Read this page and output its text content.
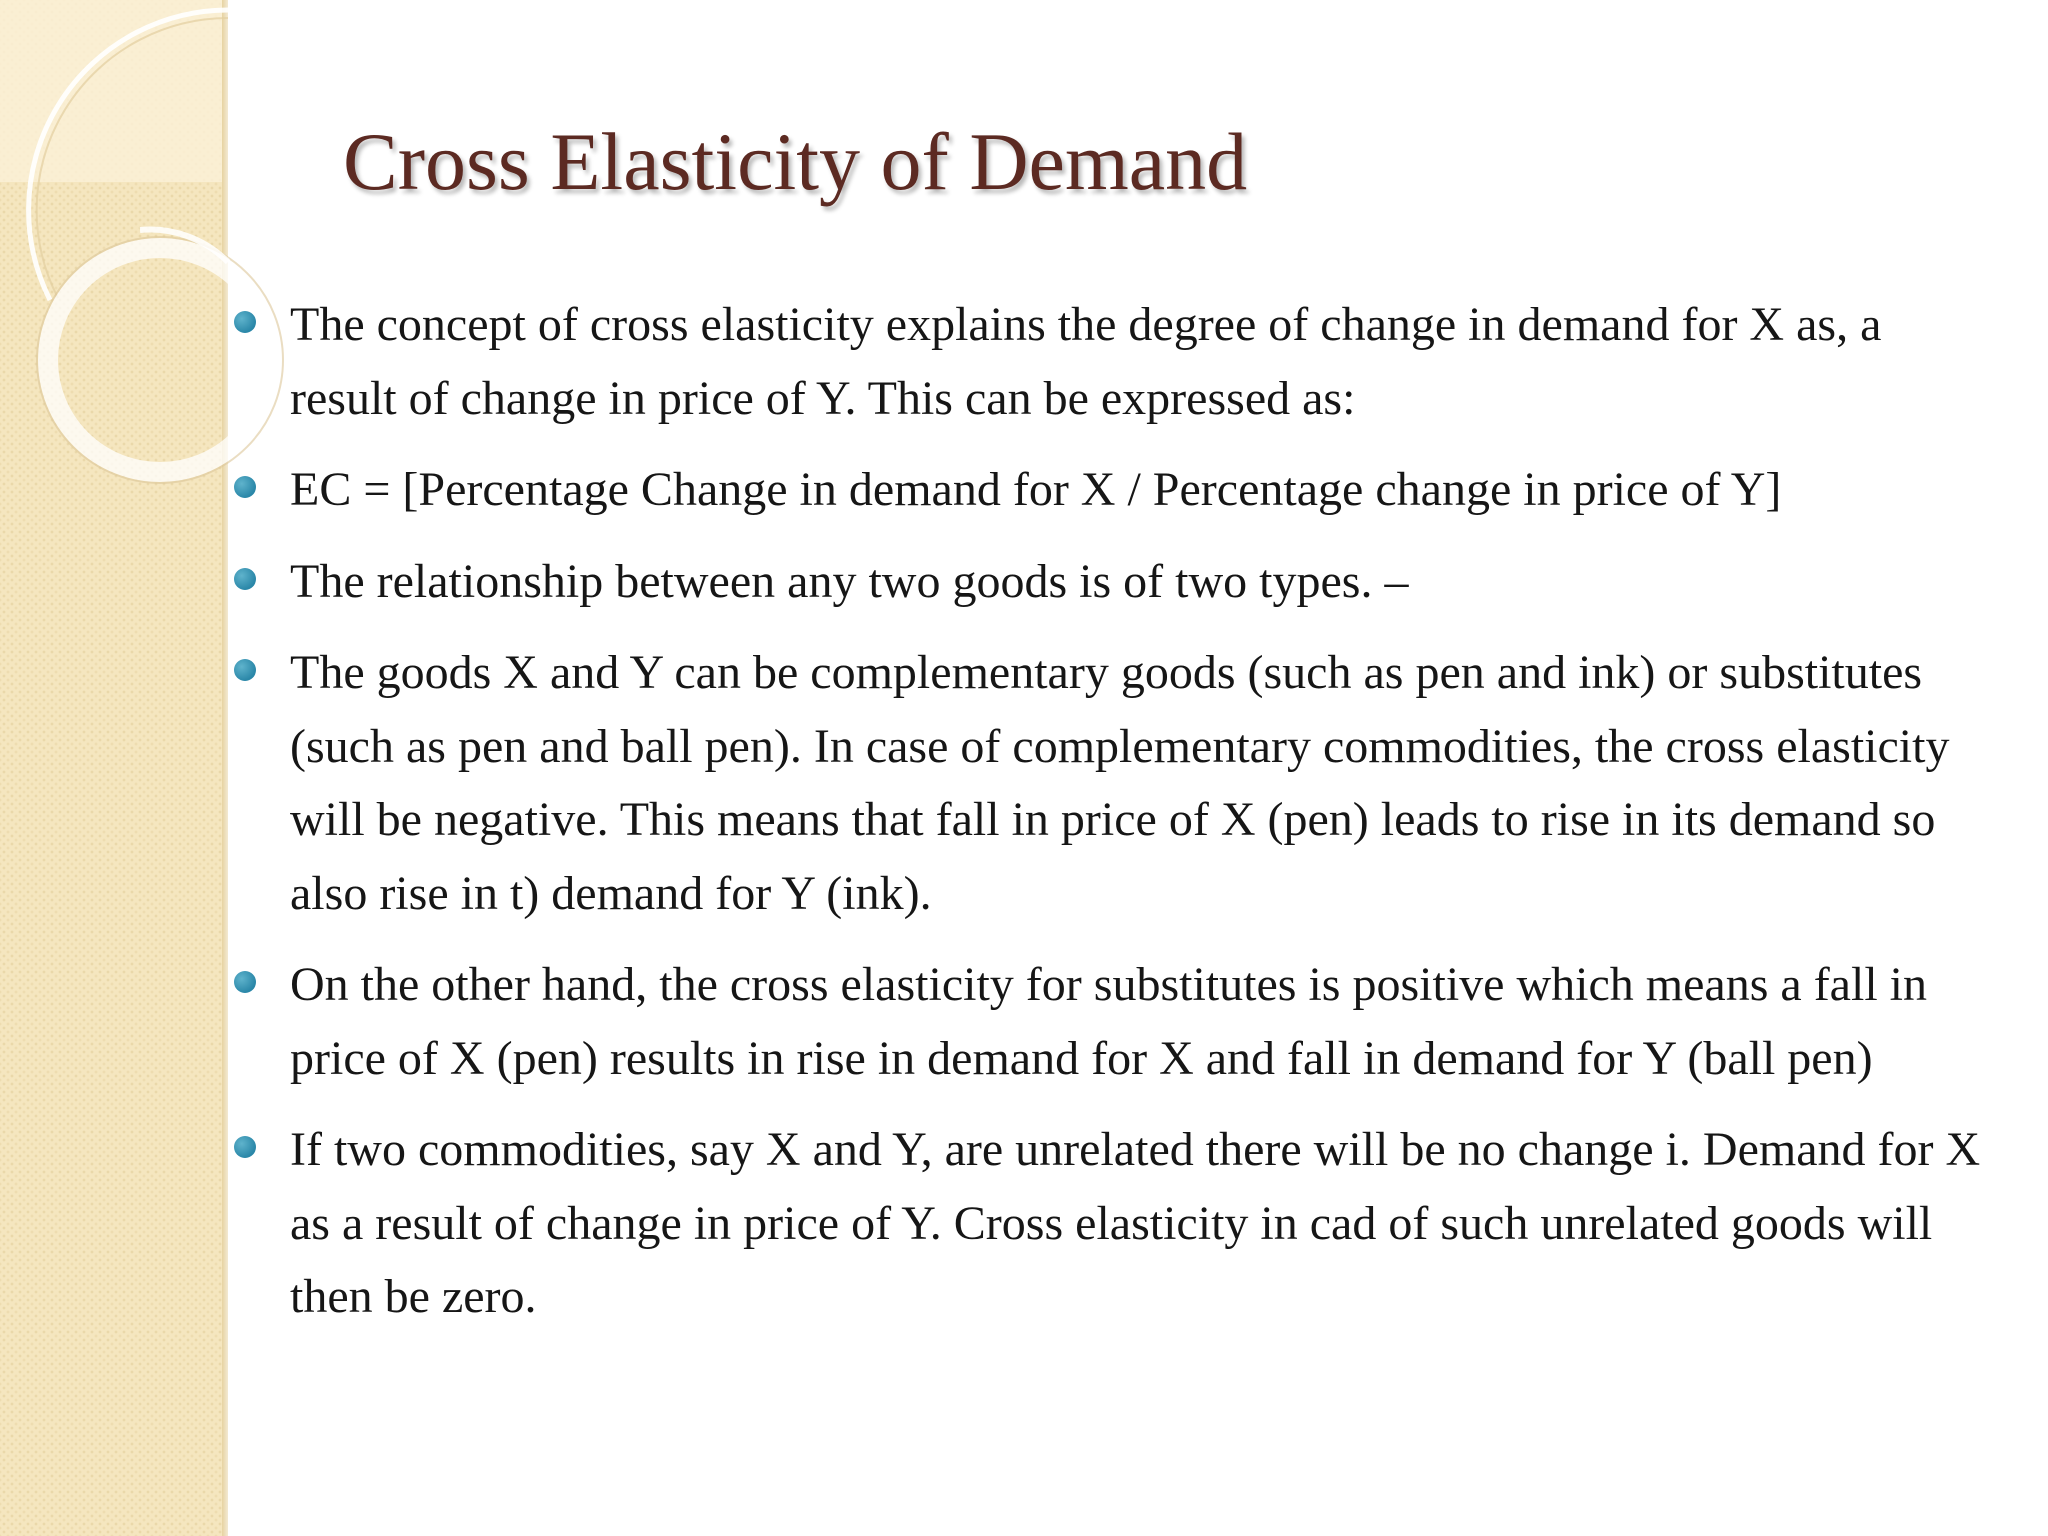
Cross Elasticity of Demand
The concept of cross elasticity explains the degree of change in demand for X as, a result of change in price of Y. This can be expressed as:
EC = [Percentage Change in demand for X / Percentage change in price of Y]
The relationship between any two goods is of two types. –
The goods X and Y can be complementary goods (such as pen and ink) or substitutes (such as pen and ball pen). In case of complementary commodities, the cross elasticity will be negative. This means that fall in price of X (pen) leads to rise in its demand so also rise in t) demand for Y (ink).
On the other hand, the cross elasticity for substitutes is positive which means a fall in price of X (pen) results in rise in demand for X and fall in demand for Y (ball pen)
If two commodities, say X and Y, are unrelated there will be no change i. Demand for X as a result of change in price of Y. Cross elasticity in cad of such unrelated goods will then be zero.
